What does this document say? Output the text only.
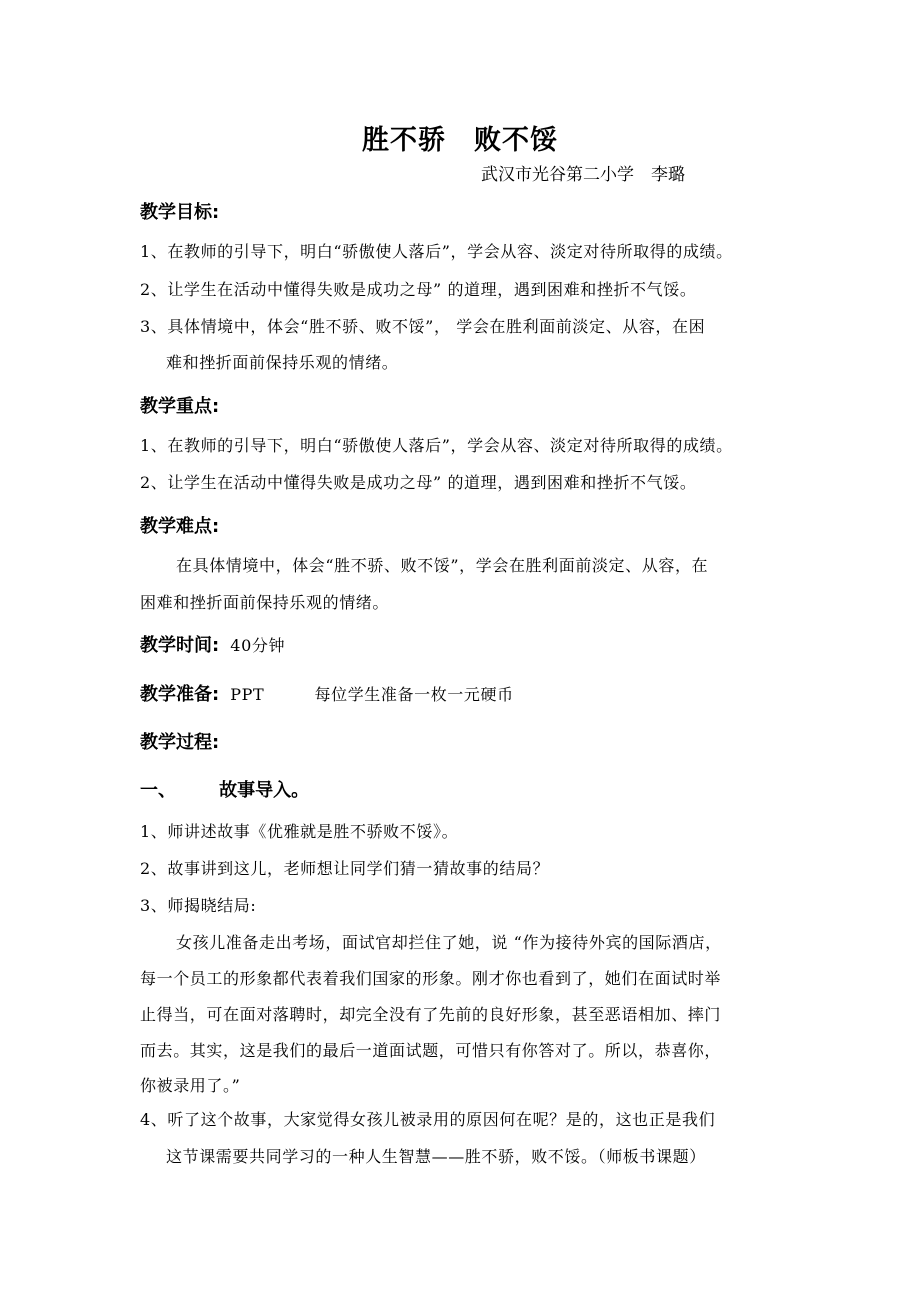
胜不骄　败不馁
武汉市光谷第二小学　李璐
教学目标:
1、在教师的引导下，明白“骄傲使人落后”，学会从容、淡定对待所取得的成绩。
2、让学生在活动中懂得失败是成功之母” 的道理，遇到困难和挫折不气馁。
3、具体情境中，体会“胜不骄、败不馁”， 学会在胜利面前淡定、从容，在困
难和挫折面前保持乐观的情绪。
教学重点:
1、在教师的引导下，明白“骄傲使人落后”，学会从容、淡定对待所取得的成绩。
2、让学生在活动中懂得失败是成功之母” 的道理，遇到困难和挫折不气馁。
教学难点:
在具体情境中，体会“胜不骄、败不馁”，学会在胜利面前淡定、从容，在
困难和挫折面前保持乐观的情绪。
教学时间: 40分钟
教学准备: PPT	每位学生准备一枚一元硬币
教学过程:
一、 故事导入。
1、师讲述故事《优雅就是胜不骄败不馁》。
2、故事讲到这儿，老师想让同学们猜一猜故事的结局？
3、师揭晓结局:
女孩儿准备走出考场，面试官却拦住了她，说 “作为接待外宾的国际酒店，
每一个员工的形象都代表着我们国家的形象。刚才你也看到了，她们在面试时举
止得当，可在面对落聘时，却完全没有了先前的良好形象，甚至恶语相加、摔门
而去。其实，这是我们的最后一道面试题，可惜只有你答对了。所以，恭喜你，
你被录用了。”
4、听了这个故事，大家觉得女孩儿被录用的原因何在呢？是的，这也正是我们
这节课需要共同学习的一种人生智慧——胜不骄，败不馁。（师板书课题）
